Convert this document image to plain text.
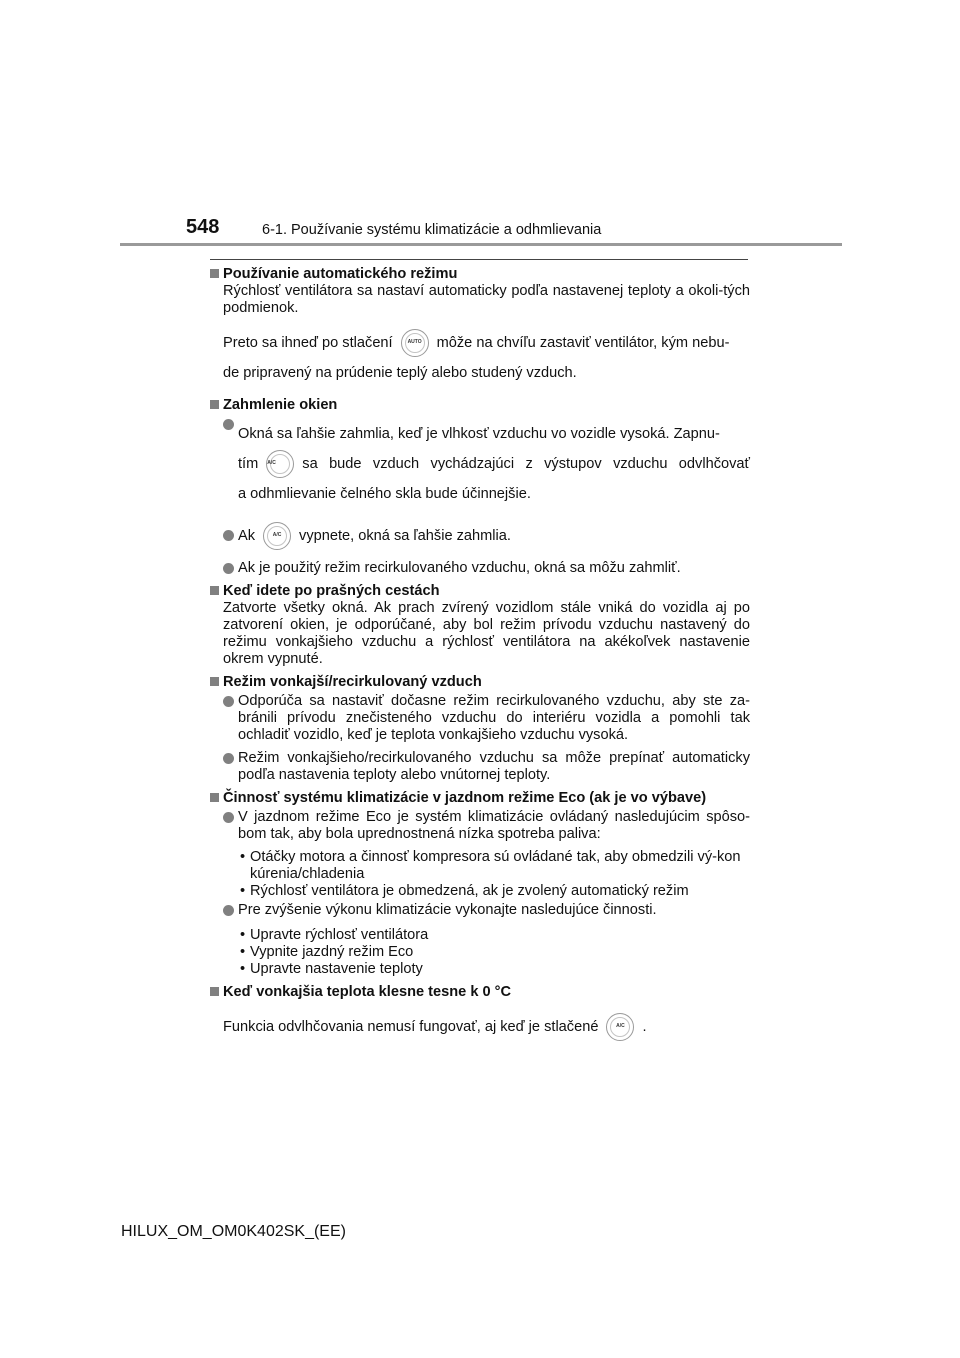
548	6-1. Používanie systému klimatizácie a odhmlievania
Používanie automatického režimu
Rýchlosť ventilátora sa nastaví automaticky podľa nastavenej teploty a okoli-tých podmienok.
Preto sa ihneď po stlačení	AUTO	môže na chvíľu zastaviť ventilátor, kým nebu-
de pripravený na prúdenie teplý alebo studený vzduch.
Zahmlenie okien
Okná sa ľahšie zahmlia, keď je vlhkosť vzduchu vo vozidle vysoká. Zapnu-
tím A/C	sa bude vzduch vychádzajúci z výstupov vzduchu odvlhčovať
a odhmlievanie čelného skla bude účinnejšie.
Ak	A/C	vypnete, okná sa ľahšie zahmlia.
Ak je použitý režim recirkulovaného vzduchu, okná sa môžu zahmliť.
Keď idete po prašných cestách
Zatvorte všetky okná. Ak prach zvírený vozidlom stále vniká do vozidla aj po zatvorení okien, je odporúčané, aby bol režim prívodu vzduchu nastavený do režimu vonkajšieho vzduchu a rýchlosť ventilátora na akékoľvek nastavenie okrem vypnuté.
Režim vonkajší/recirkulovaný vzduch
Odporúča sa nastaviť dočasne režim recirkulovaného vzduchu, aby ste za-bránili prívodu znečisteného vzduchu do interiéru vozidla a pomohli tak ochladiť vozidlo, keď je teplota vonkajšieho vzduchu vysoká.
Režim vonkajšieho/recirkulovaného vzduchu sa môže prepínať automaticky podľa nastavenia teploty alebo vnútornej teploty.
Činnosť systému klimatizácie v jazdnom režime Eco (ak je vo výbave)
V jazdnom režime Eco je systém klimatizácie ovládaný nasledujúcim spôso-bom tak, aby bola uprednostnená nízka spotreba paliva:
• Otáčky motora a činnosť kompresora sú ovládané tak, aby obmedzili vý-kon kúrenia/chladenia
• Rýchlosť ventilátora je obmedzená, ak je zvolený automatický režim
Pre zvýšenie výkonu klimatizácie vykonajte nasledujúce činnosti.
• Upravte rýchlosť ventilátora
• Vypnite jazdný režim Eco
• Upravte nastavenie teploty
Keď vonkajšia teplota klesne tesne k 0 °C
Funkcia odvlhčovania nemusí fungovať, aj keď je stlačené	A/C	.
HILUX_OM_OM0K402SK_(EE)
